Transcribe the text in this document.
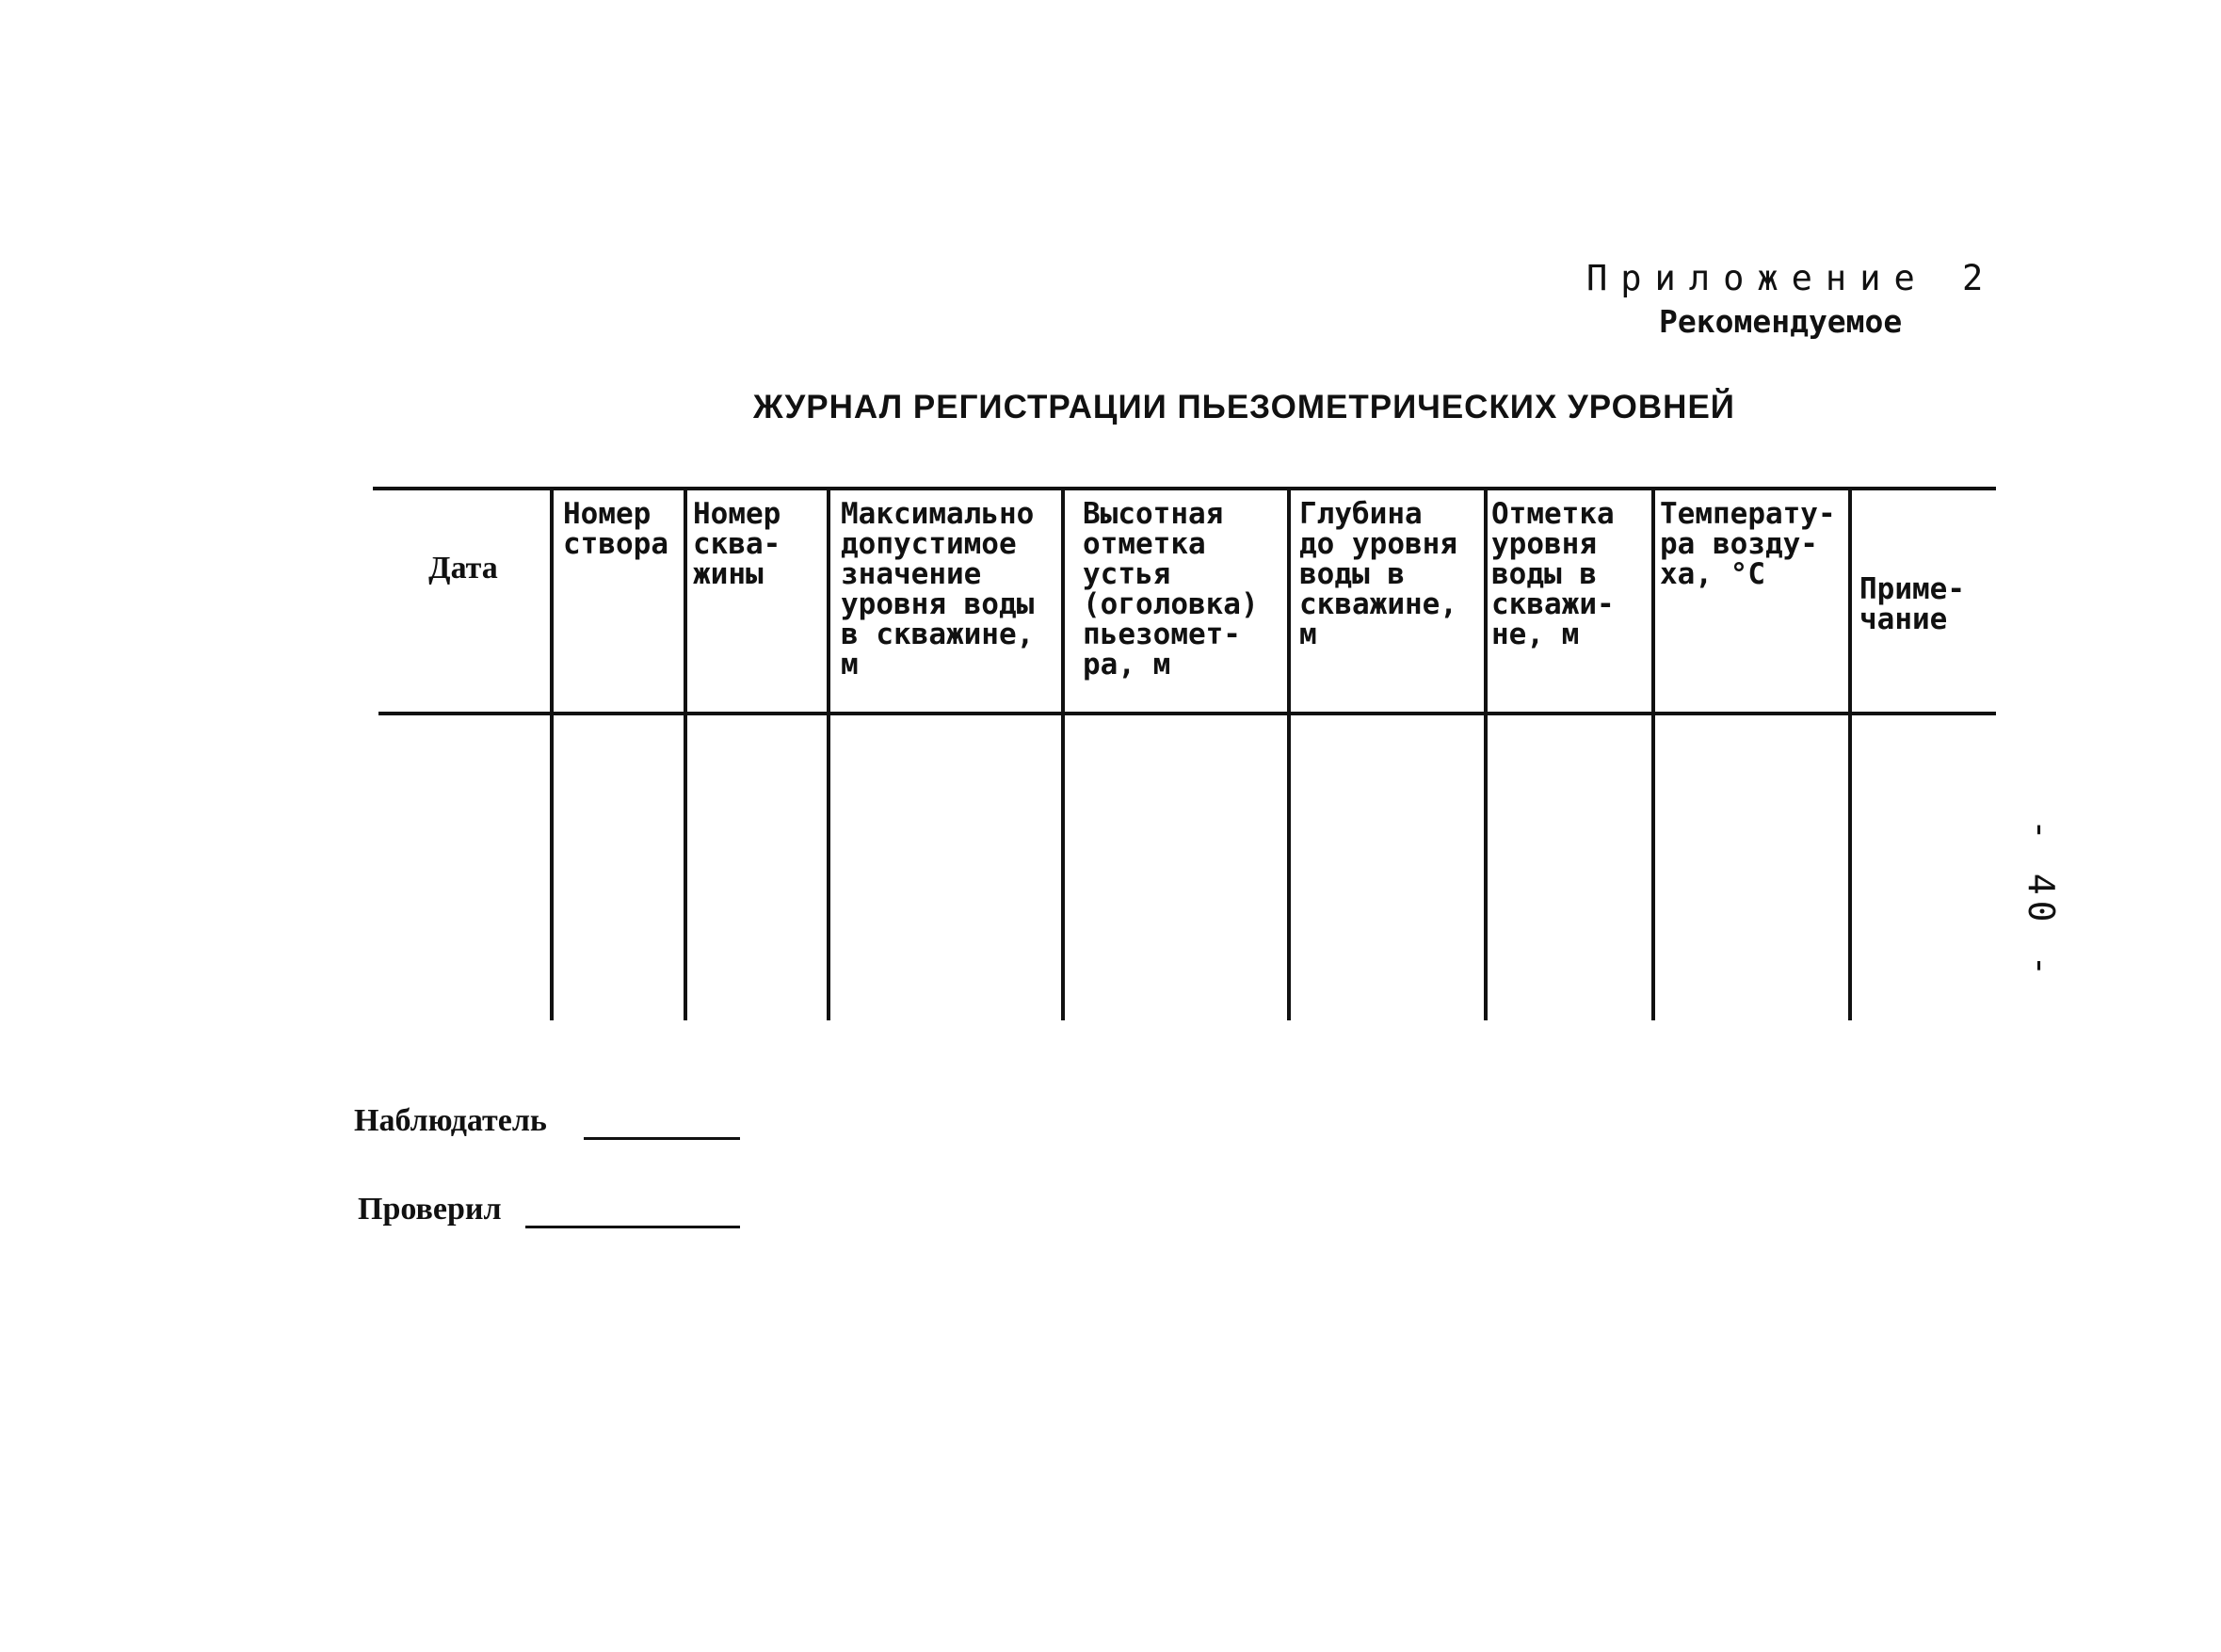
Приложение 2
Рекомендуемое
ЖУРНАЛ РЕГИСТРАЦИИ ПЬЕЗОМЕТРИЧЕСКИХ УРОВНЕЙ
- 40 -
Дата
Номер
створа
Номер
сква-
жины
Максимально
допустимое
значение
уровня воды
в скважине,
м
Высотная
отметка
устья
(оголовка)
пьезомет-
ра, м
Глубина
до уровня
воды в
скважине,
м
Отметка
уровня
воды в
скважи-
не, м
Температу-
ра возду-
ха, °С	Приме-
чание
Наблюдатель
Проверил
